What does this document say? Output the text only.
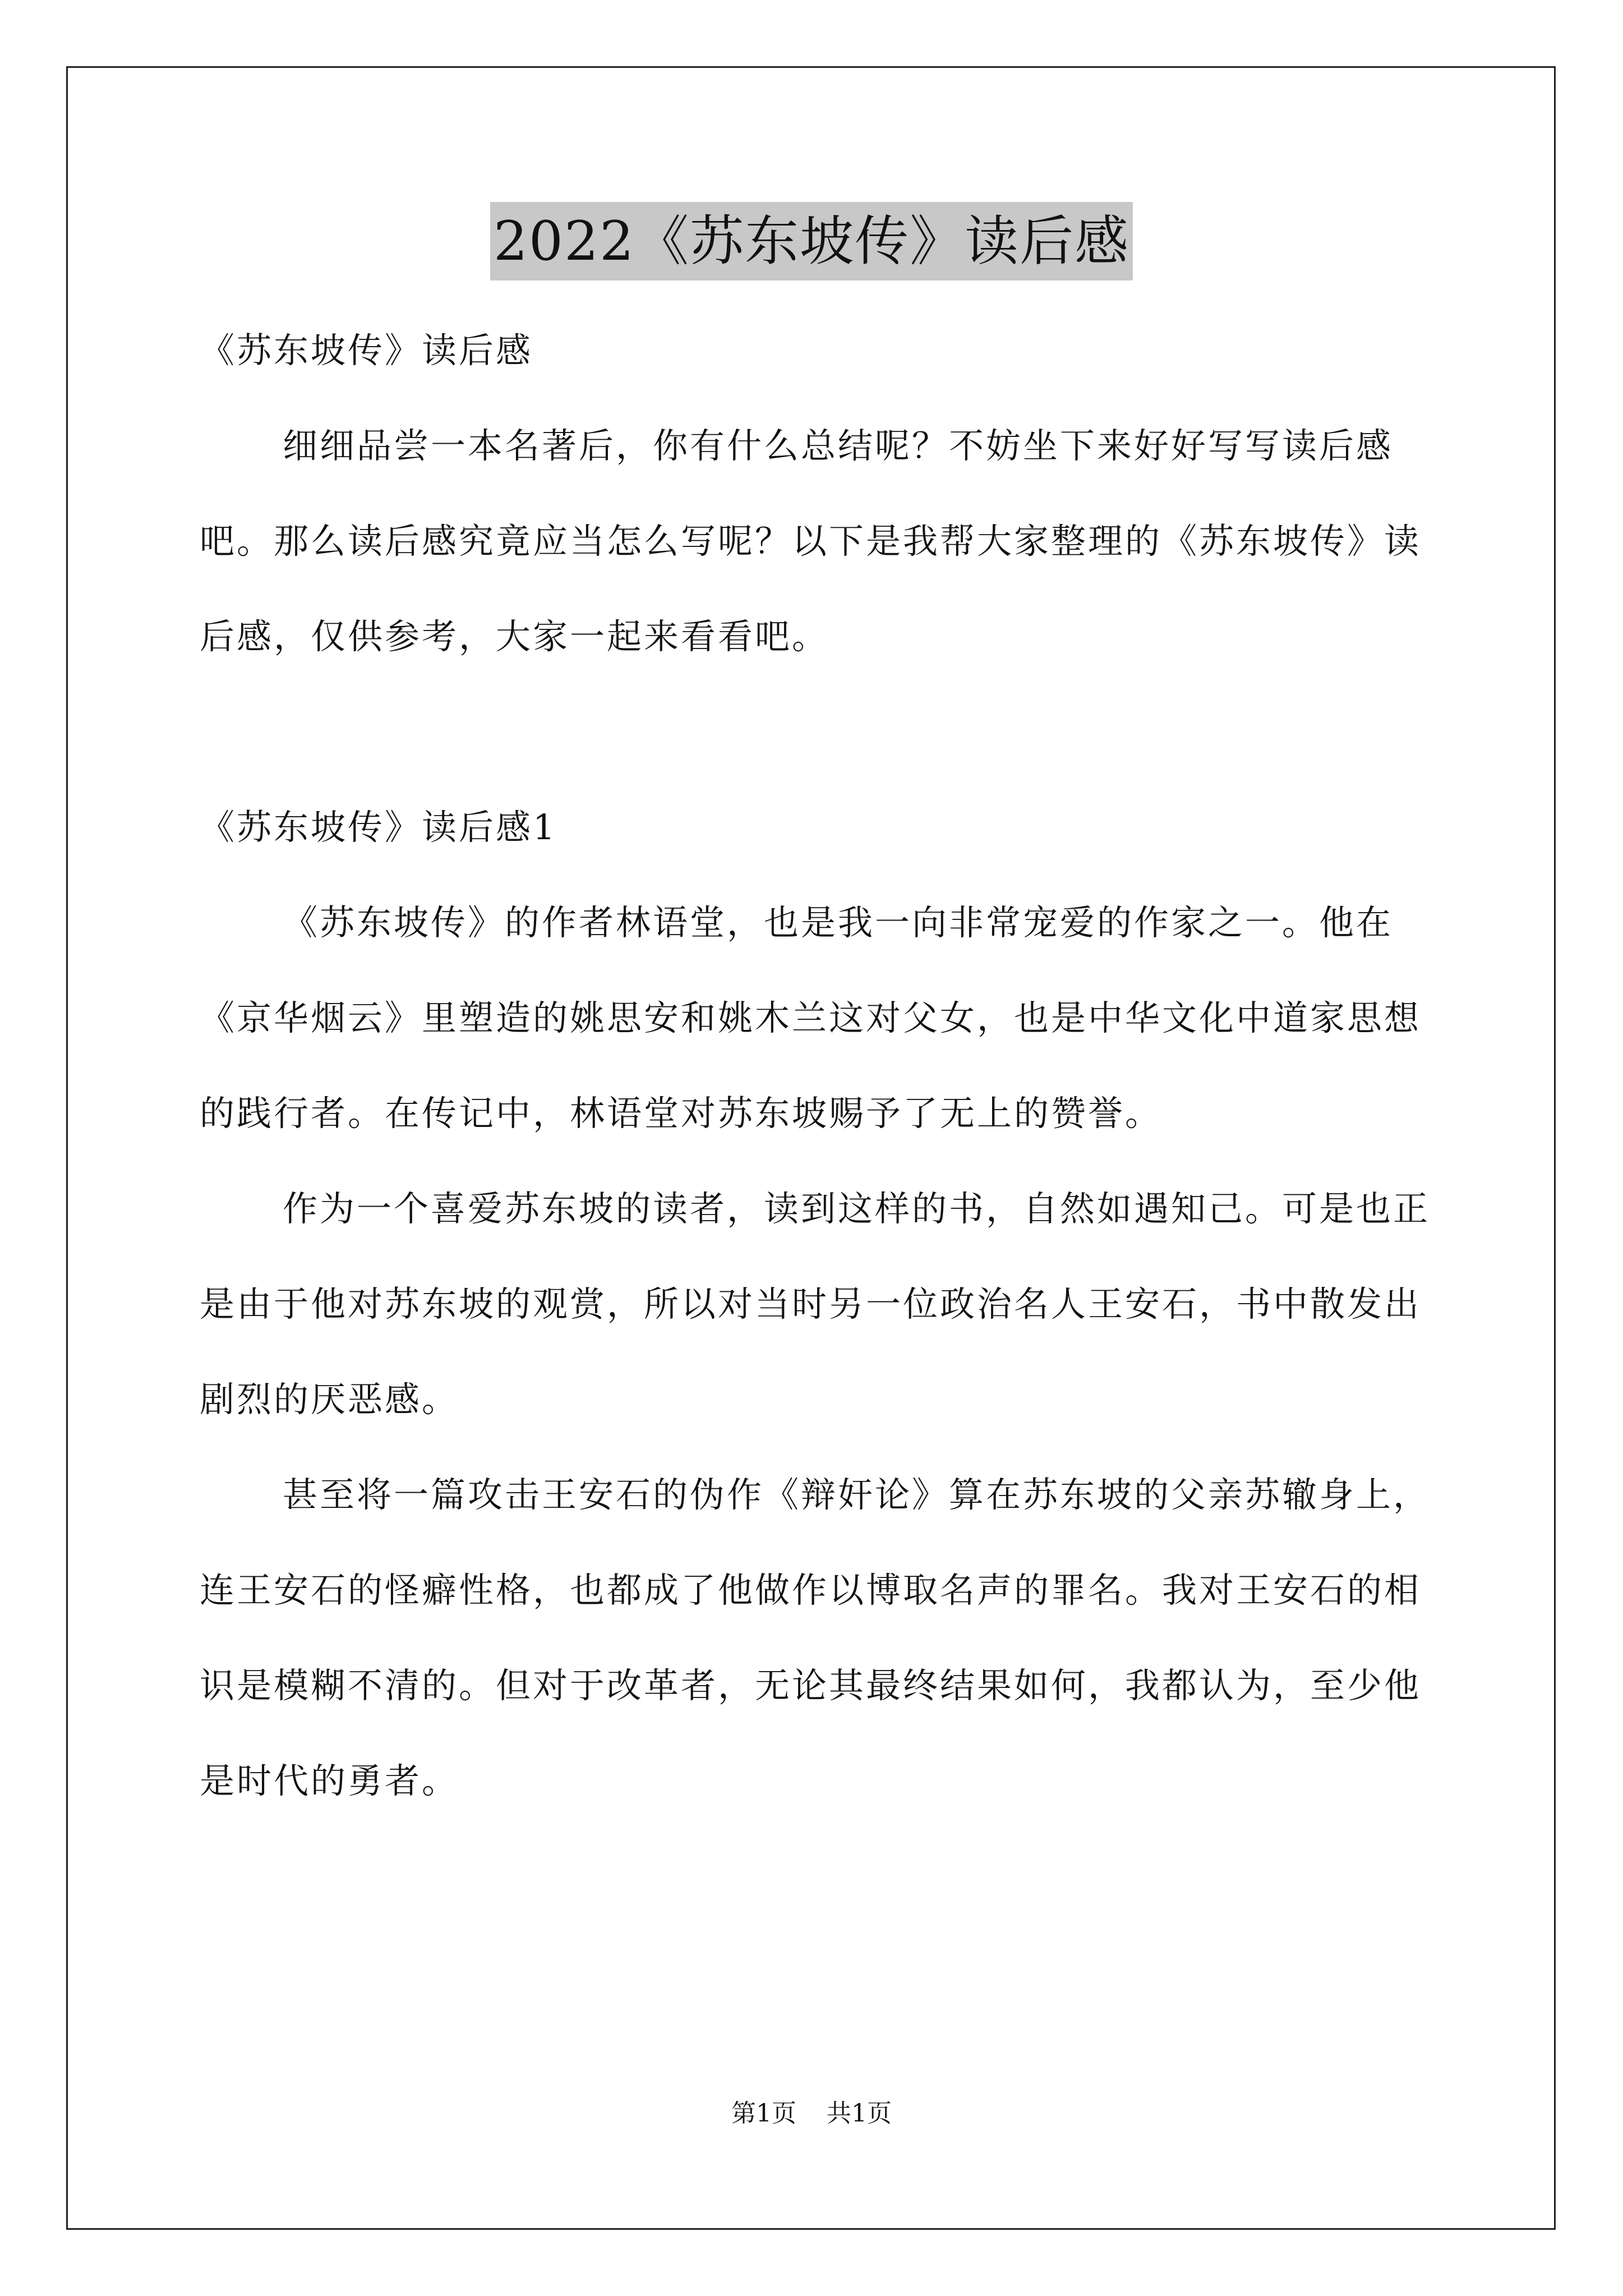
2022《苏东坡传》读后感

《苏东坡传》读后感

细细品尝一本名著后，你有什么总结呢？不妨坐下来好好写写读后感吧。那么读后感究竟应当怎么写呢？以下是我帮大家整理的《苏东坡传》读后感，仅供参考，大家一起来看看吧。

《苏东坡传》读后感1

《苏东坡传》的作者林语堂，也是我一向非常宠爱的作家之一。他在《京华烟云》里塑造的姚思安和姚木兰这对父女，也是中华文化中道家思想的践行者。在传记中，林语堂对苏东坡赐予了无上的赞誉。

作为一个喜爱苏东坡的读者，读到这样的书，自然如遇知己。可是也正是由于他对苏东坡的观赏，所以对当时另一位政治名人王安石，书中散发出剧烈的厌恶感。

甚至将一篇攻击王安石的伪作《辩奸论》算在苏东坡的父亲苏辙身上，连王安石的怪癖性格，也都成了他做作以博取名声的罪名。我对王安石的相识是模糊不清的。但对于改革者，无论其最终结果如何，我都认为，至少他是时代的勇者。

第1页 共1页
